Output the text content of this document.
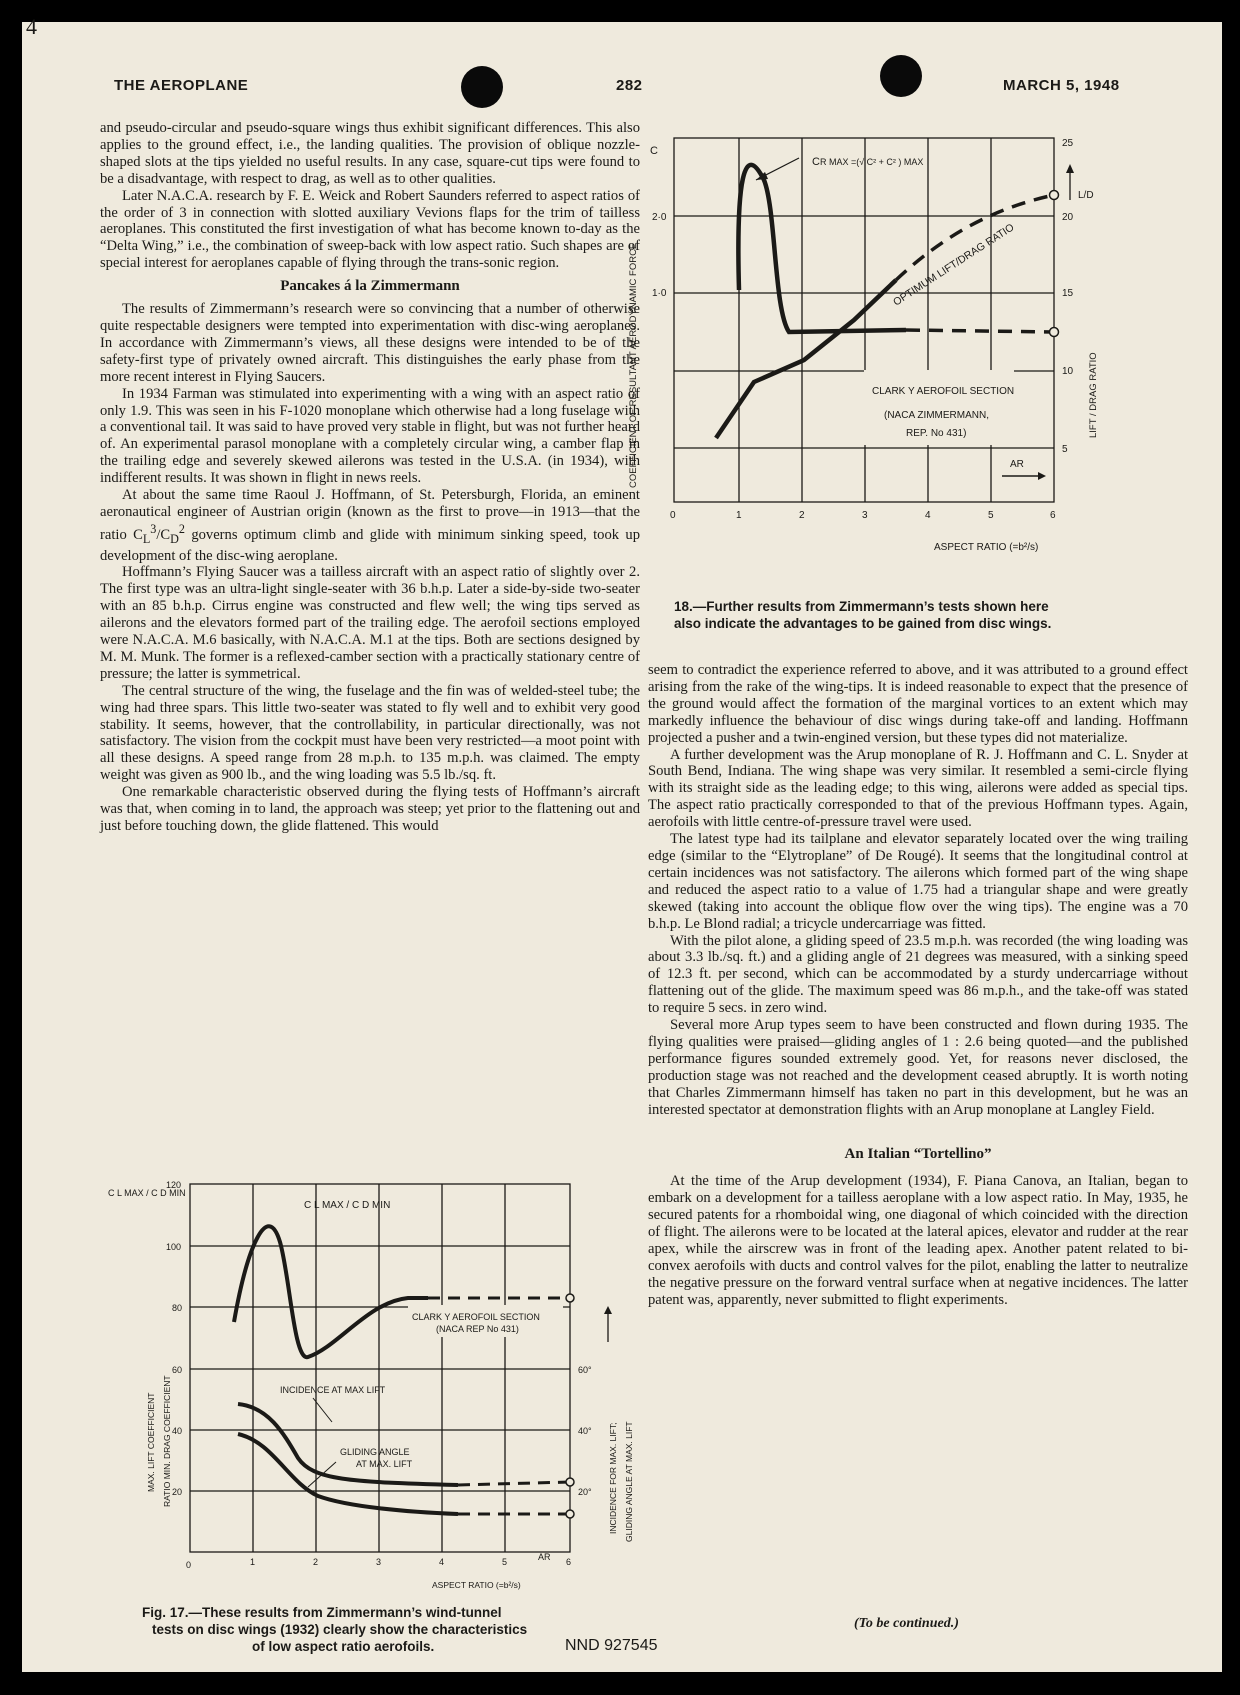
4
THE AEROPLANE	282	MARCH 5, 1948

and pseudo-circular and pseudo-square wings thus exhibit significant differences. This also applies to the ground effect, i.e., the landing qualities. The provision of oblique nozzle-shaped slots at the tips yielded no useful results. In any case, square-cut tips were found to be a disadvantage, with respect to drag, as well as to other qualities.

Later N.A.C.A. research by F. E. Weick and Robert Saunders referred to aspect ratios of the order of 3 in connection with slotted auxiliary Vevions flaps for the trim of tailless aeroplanes. This constituted the first investigation of what has become known to-day as the “Delta Wing,” i.e., the combination of sweep-back with low aspect ratio. Such shapes are of special interest for aeroplanes capable of flying through the trans-sonic region.

Pancakes á la Zimmermann

The results of Zimmermann’s research were so convincing that a number of otherwise quite respectable designers were tempted into experimentation with disc-wing aeroplanes. In accordance with Zimmermann’s views, all these designs were intended to be of the safety-first type of privately owned aircraft. This distinguishes the early phase from the more recent interest in Flying Saucers.

In 1934 Farman was stimulated into experimenting with a wing with an aspect ratio of only 1.9. This was seen in his F-1020 monoplane which otherwise had a long fuselage with a conventional tail. It was said to have proved very stable in flight, but was not further heard of. An experimental parasol monoplane with a completely circular wing, a camber flap in the trailing edge and severely skewed ailerons was tested in the U.S.A. (in 1934), with indifferent results. It was shown in flight in news reels.

At about the same time Raoul J. Hoffmann, of St. Petersburgh, Florida, an eminent aeronautical engineer of Austrian origin (known as the first to prove—in 1913—that the ratio $C_L^3/C_D^2$ governs optimum climb and glide with minimum sinking speed, took up development of the disc-wing aeroplane.

Hoffmann’s Flying Saucer was a tailless aircraft with an aspect ratio of slightly over 2. The first type was an ultra-light single-seater with 36 b.h.p. Later a side-by-side two-seater with an 85 b.h.p. Cirrus engine was constructed and flew well; the wing tips served as ailerons and the elevators formed part of the trailing edge. The aerofoil sections employed were N.A.C.A. M.6 basically, with N.A.C.A. M.1 at the tips. Both are sections designed by M. M. Munk. The former is a reflexed-camber section with a practically stationary centre of pressure; the latter is symmetrical.

The central structure of the wing, the fuselage and the fin was of welded-steel tube; the wing had three spars. This little two-seater was stated to fly well and to exhibit very good stability. It seems, however, that the controllability, in particular directionally, was not satisfactory. The vision from the cockpit must have been very restricted—a moot point with all these designs. A speed range from 28 m.p.h. to 135 m.p.h. was claimed. The empty weight was given as 900 lb., and the wing loading was 5.5 lb./sq. ft.

One remarkable characteristic observed during the flying tests of Hoffmann’s aircraft was that, when coming in to land, the approach was steep; yet prior to the flattening out and just before touching down, the glide flattened. This would

seem to contradict the experience referred to above, and it was attributed to a ground effect arising from the rake of the wing-tips. It is indeed reasonable to expect that the presence of the ground would affect the formation of the marginal vortices to an extent which may markedly influence the behaviour of disc wings during take-off and landing. Hoffmann projected a pusher and a twin-engined version, but these types did not materialize.

A further development was the Arup monoplane of R. J. Hoffmann and C. L. Snyder at South Bend, Indiana. The wing shape was very similar. It resembled a semi-circle flying with its straight side as the leading edge; to this wing, ailerons were added as special tips. The aspect ratio practically corresponded to that of the previous Hoffmann types. Again, aerofoils with little centre-of-pressure travel were used.

The latest type had its tailplane and elevator separately located over the wing trailing edge (similar to the “Elytroplane” of De Rougé). It seems that the longitudinal control at certain incidences was not satisfactory. The ailerons which formed part of the wing shape and reduced the aspect ratio to a value of 1.75 had a triangular shape and were greatly skewed (taking into account the oblique flow over the wing tips). The engine was a 70 b.h.p. Le Blond radial; a tricycle undercarriage was fitted.

With the pilot alone, a gliding speed of 23.5 m.p.h. was recorded (the wing loading was about 3.3 lb./sq. ft.) and a gliding angle of 21 degrees was measured, with a sinking speed of 12.3 ft. per second, which can be accommodated by a sturdy undercarriage without flattening out of the glide. The maximum speed was 86 m.p.h., and the take-off was stated to require 5 secs. in zero wind.

Several more Arup types seem to have been constructed and flown during 1935. The flying qualities were praised—gliding angles of 1 : 2.6 being quoted—and the published performance figures sounded extremely good. Yet, for reasons never disclosed, the production stage was not reached and the development ceased abruptly. It is worth noting that Charles Zimmermann himself has taken no part in this development, but he was an interested spectator at demonstration flights with an Arup monoplane at Langley Field.

An Italian “Tortellino”

At the time of the Arup development (1934), F. Piana Canova, an Italian, began to embark on a development for a tailless aeroplane with a low aspect ratio. In May, 1935, he secured patents for a rhomboidal wing, one diagonal of which coincided with the direction of flight. The ailerons were to be located at the lateral apices, elevator and rudder at the rear apex, while the airscrew was in front of the leading apex. Another patent related to bi-convex aerofoils with ducts and control valves for the pilot, enabling the latter to neutralize the negative pressure on the forward ventral surface when at negative incidences. The latter patent was, apparently, never submitted to flight experiments.

(To be continued.)
CR MAX =(√ C² + C² ) MAX
OPTIMUM LIFT/DRAG RATIO
CLARK Y AEROFOIL SECTION
(NACA ZIMMERMANN,
REP. No 431)
AR
C
COEFFICIENT OF RESULTANT AERODYNAMIC FORCE
2·0
1·0
25
20
15
10
5
L/D
LIFT / DRAG RATIO
0	1	2	3	4	5	6
ASPECT RATIO (=b²/s)
18.—Further results from Zimmermann’s tests shown here
also indicate the advantages to be gained from disc wings.
C L MAX / C D MIN
INCIDENCE AT MAX LIFT
GLIDING ANGLE
AT MAX. LIFT
CLARK Y AEROFOIL SECTION
(NACA REP No 431)
C L MAX / C D MIN
MAX. LIFT COEFFICIENT RATIO MIN. DRAG COEFFICIENT
120
100
80
60
40
20
60°
40°
20° INCIDENCE FOR MAX. LIFT; GLIDING ANGLE AT MAX. LIFT
0	1	2	3	4	5	AR 6
ASPECT RATIO (=b²/s)
Fig. 17.—These results from Zimmermann’s wind-tunnel
tests on disc wings (1932) clearly show the characteristics
of low aspect ratio aerofoils.	NND 927545
